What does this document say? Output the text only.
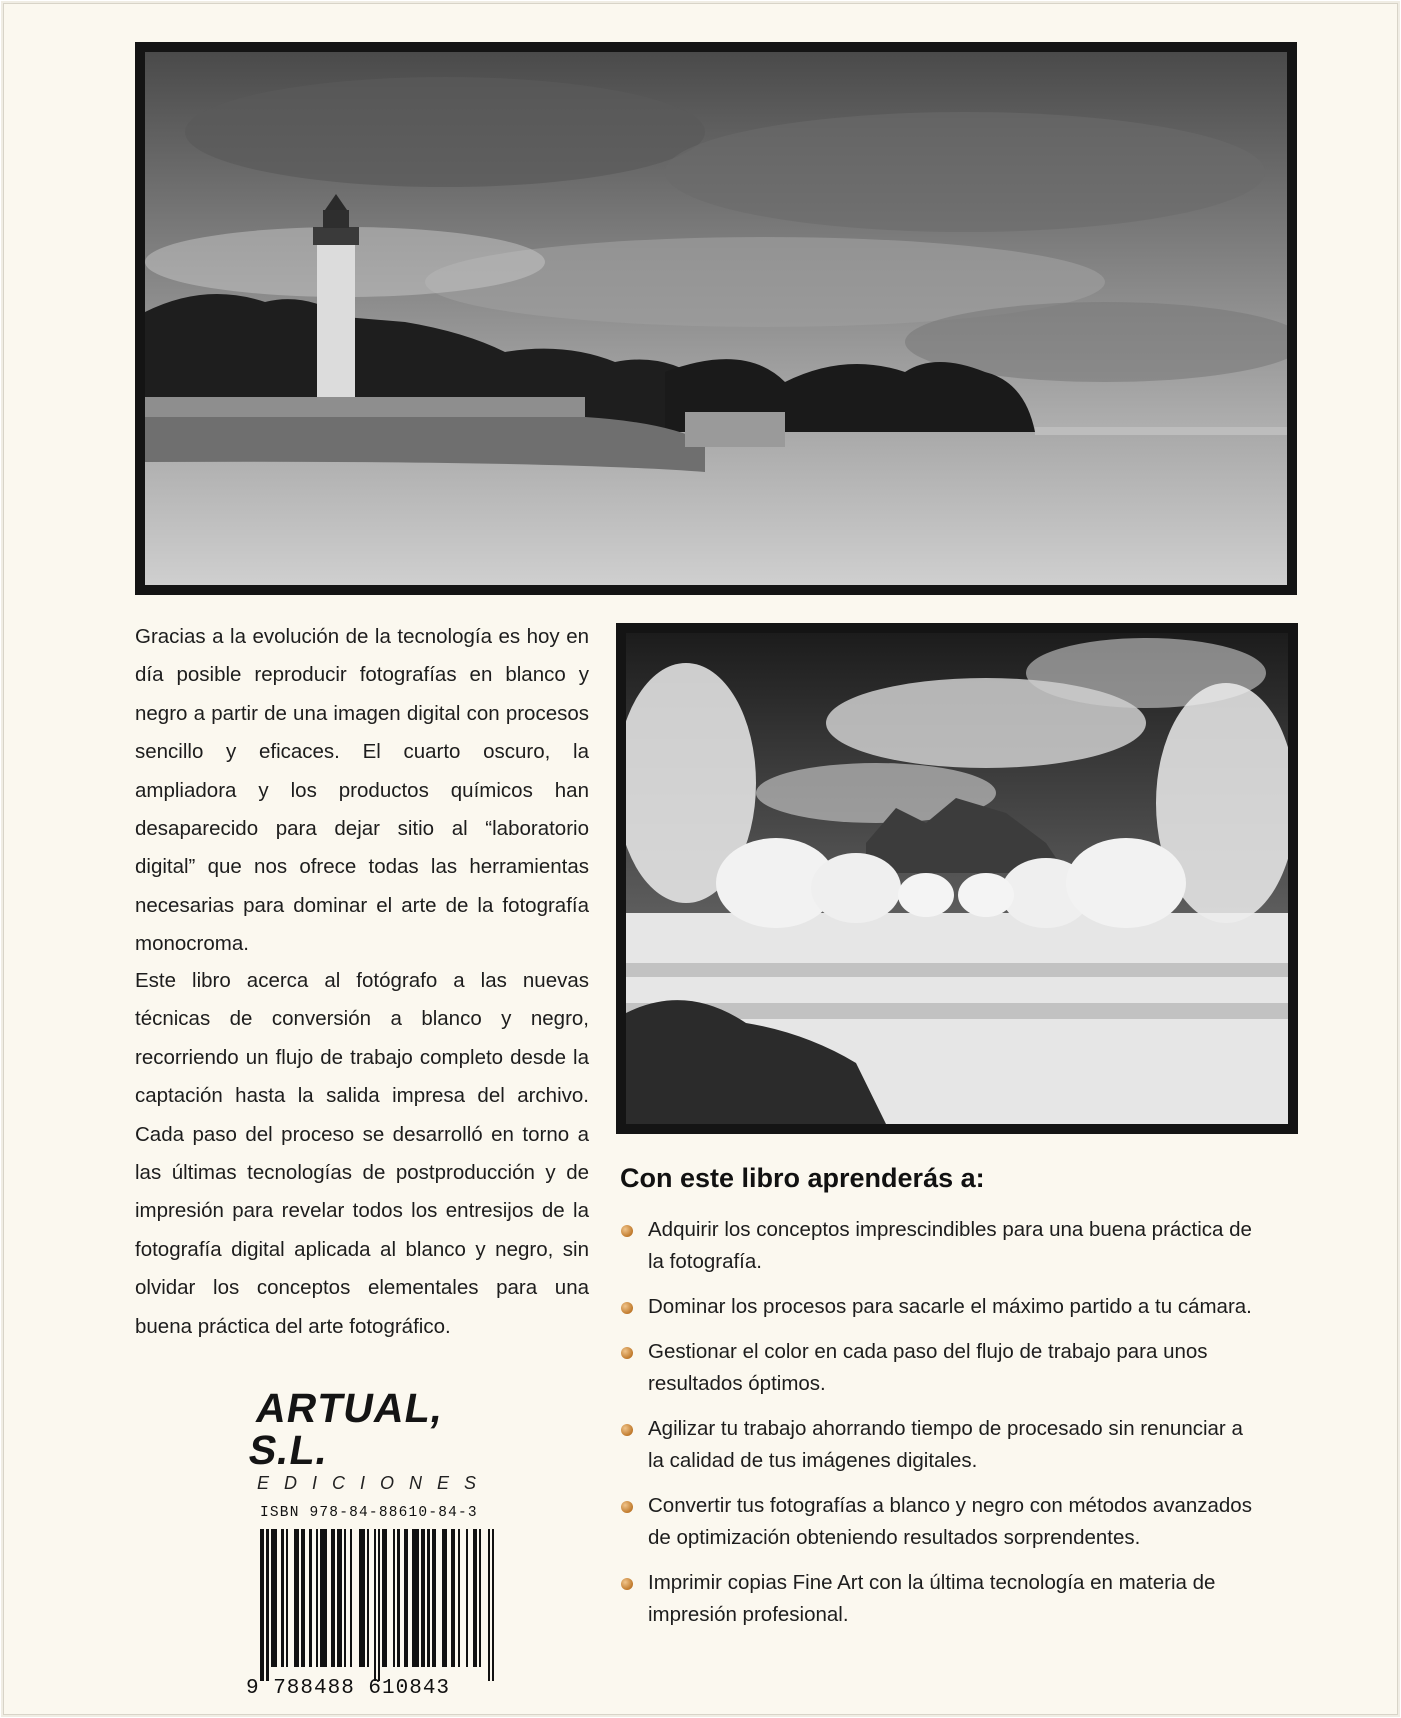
Gracias a la evolución de la tecnología es hoy en día posible reproducir fotografías en blanco y negro a partir de una imagen digital con procesos sencillo y eficaces. El cuarto oscuro, la ampliadora y los productos químicos han desaparecido para dejar sitio al “laboratorio digital” que nos ofrece todas las herramientas necesarias para dominar el arte de la fotografía monocroma.

Este libro acerca al fotógrafo a las nuevas técnicas de conversión a blanco y negro, recorriendo un flujo de trabajo completo desde la captación hasta la salida impresa del archivo. Cada paso del proceso se desarrolló en torno a las últimas tecnologías de postproducción y de impresión para revelar todos los entresijos de la fotografía digital aplicada al blanco y negro, sin olvidar los conceptos elementales para una buena práctica del arte fotográfico.

Con este libro aprenderás a:
Adquirir los conceptos imprescindibles para una buena práctica de la fotografía.
Dominar los procesos para sacarle el máximo partido a tu cámara.
Gestionar el color en cada paso del flujo de trabajo para unos resultados óptimos.
Agilizar tu trabajo ahorrando tiempo de procesado sin renunciar a la calidad de tus imágenes digitales.
Convertir tus fotografías a blanco y negro con métodos avanzados de optimización obteniendo resultados sorprendentes.
Imprimir copias Fine Art con la última tecnología en materia de impresión profesional.
ARTUAL, S.L.
EDICIONES
ISBN 978-84-88610-84-3
9 788488 610843
